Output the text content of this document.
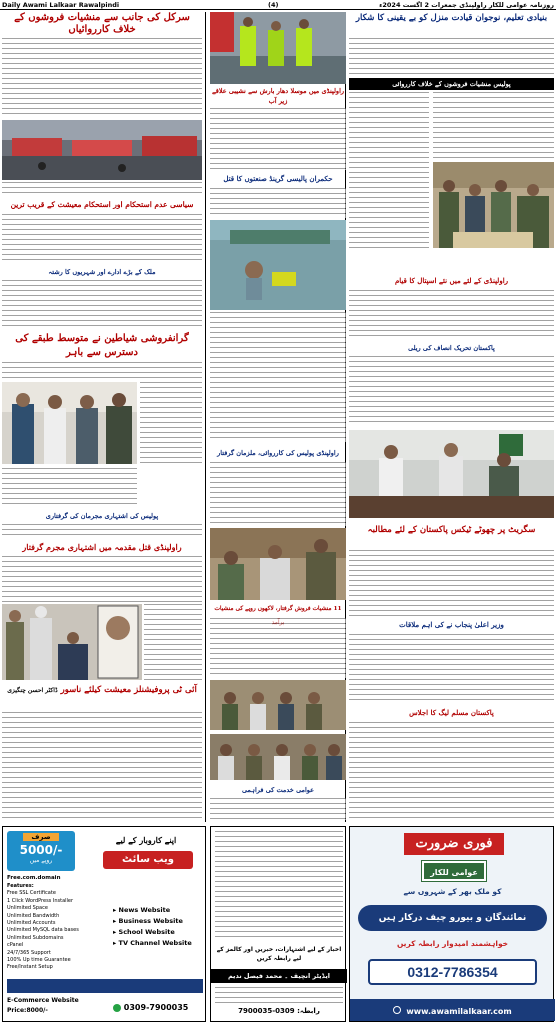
Daily Awami Lalkaar Rawalpindi	(4)	روزنامہ عوامی للکار راولپنڈی جمعرات 2 اگست 2024ء
سرکل کی جانب سے منشیات فروشوں کے خلاف کارروائیاں
سیاسی عدم استحکام اور استحکام معیشت کے قریب ترین
ملک کے بڑے ادارے اور شہریوں کا رشتہ
گرانفروشی شیاطین نے متوسط طبقے کی دسترس سے باہر
پولیس کی اشتہاری مجرمان کی گرفتاری
راولپنڈی قتل مقدمہ میں اشتہاری مجرم گرفتار
آئی ٹی پروفیشنلز معیشت کیلئے ناسور ڈاکٹر احسن چنگیزی
راولپنڈی میں موسلا دھار بارش سے نشیبی علاقے زیر آب
حکمران پالیسی گرینڈ صنعتوں کا قتل
راولپنڈی پولیس کی کارروائی، ملزمان گرفتار
11 منشیات فروش گرفتار، لاکھوں روپے کی منشیات
عوامی خدمت کی فراہمی
بنیادی تعلیم، نوجوان قیادت منزل کو بے یقینی کا شکار
پولیس منشیات فروشوں کے خلاف کارروائی
راولپنڈی کے لئے میں نئے اسپتال کا قیام
پاکستان تحریک انصاف کی ریلی
سگریٹ پر چھوٹے ٹیکس پاکستان کے لئے مطالبہ
وزیر اعلیٰ پنجاب نے کی اہم ملاقات
پاکستان مسلم لیگ کا اجلاس
صرف
5000/-
روپے میں
اپنے کاروبار کے لیے
ویب سائٹ
Free.com.domain
Features:
Free SSL Certificate
1 Click WordPress Installer
Unlimited Space
Unlimited Bandwidth
Unlimited Accounts
Unlimited MySQL data bases
Unlimited Subdomains
cPanel
24/7/365 Support
100% Up time Guarantee
Free/Instant Setup
▸ News Website
▸ Business Website
▸ School Website
▸ TV Channel Website
E-Commerce Website
Price:8000/-	0309-7900035
اخبار کے لیے اشتہارات، خبریں اور کالمز کے لیے رابطہ کریں
ایڈیٹر انچیف ۔ محمد فیصل ندیم
رابطہ: 0309-7900035
فوری ضرورت
عوامی للکار
کو ملک بھر کے شہروں سے
نمائندگان و بیورو چیف درکار ہیں
خواہشمند امیدوار رابطہ کریں
0312-7786354
www.awamilalkaar.com
